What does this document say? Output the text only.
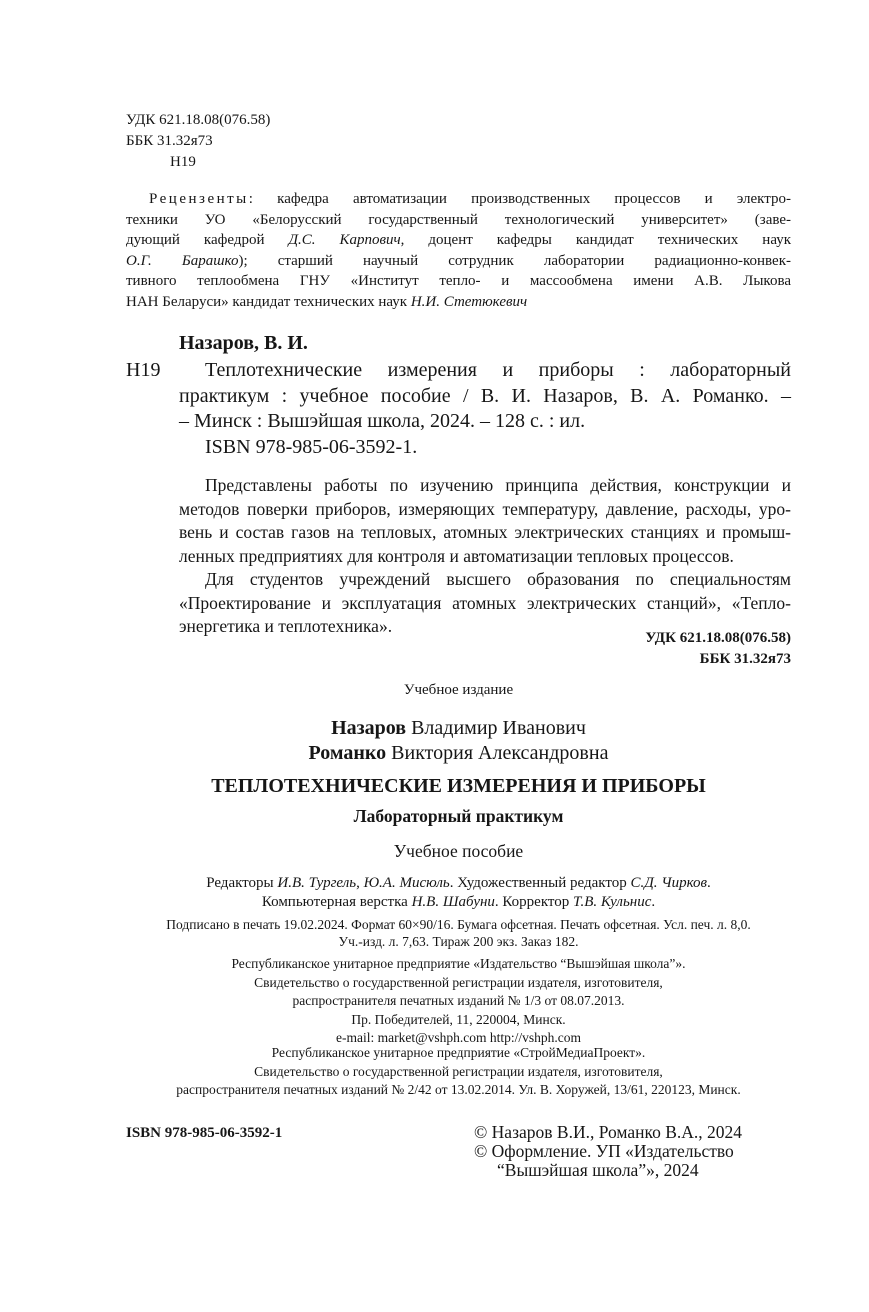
УДК 621.18.08(076.58)
ББК 31.32я73
Н19
Рецензенты: кафедра автоматизации производственных процессов и электро-
техники УО «Белорусский государственный технологический университет» (заве-
дующий кафедрой Д.С. Карпович, доцент кафедры кандидат технических наук
О.Г. Барашко); старший научный сотрудник лаборатории радиационно-конвек-
тивного теплообмена ГНУ «Институт тепло- и массообмена имени А.В. Лыкова
НАН Беларуси» кандидат технических наук Н.И. Стетюкевич
Назаров, В. И.
Н19	Теплотехнические измерения и приборы : лабораторный
практикум : учебное пособие / В. И. Назаров, В. А. Романко. –
– Минск : Вышэйшая школа, 2024. – 128 с. : ил.
ISBN 978-985-06-3592-1.
Представлены работы по изучению принципа действия, конструкции и
методов поверки приборов, измеряющих температуру, давление, расходы, уро-
вень и состав газов на тепловых, атомных электрических станциях и промыш-
ленных предприятиях для контроля и автоматизации тепловых процессов.
Для студентов учреждений высшего образования по специальностям
«Проектирование и эксплуатация атомных электрических станций», «Тепло-
энергетика и теплотехника».
УДК 621.18.08(076.58)
ББК 31.32я73
Учебное издание
Назаров Владимир Иванович
Романко Виктория Александровна
ТЕПЛОТЕХНИЧЕСКИЕ ИЗМЕРЕНИЯ И ПРИБОРЫ
Лабораторный практикум
Учебное пособие
Редакторы И.В. Тургель, Ю.А. Мисюль. Художественный редактор С.Д. Чирков.
Компьютерная верстка Н.В. Шабуни. Корректор Т.В. Кульнис.
Подписано в печать 19.02.2024. Формат 60×90/16. Бумага офсетная. Печать офсетная. Усл. печ. л. 8,0.
Уч.-изд. л. 7,63. Тираж 200 экз. Заказ 182.
Республиканское унитарное предприятие «Издательство “Вышэйшая школа”».
Свидетельство о государственной регистрации издателя, изготовителя,
распространителя печатных изданий № 1/3 от 08.07.2013.
Пр. Победителей, 11, 220004, Минск.
e-mail: market@vshph.com http://vshph.com
Республиканское унитарное предприятие «СтройМедиаПроект».
Свидетельство о государственной регистрации издателя, изготовителя,
распространителя печатных изданий № 2/42 от 13.02.2014. Ул. В. Хоружей, 13/61, 220123, Минск.
ISBN 978-985-06-3592-1	© Назаров В.И., Романко В.А., 2024
© Оформление. УП «Издательство
“Вышэйшая школа”», 2024
